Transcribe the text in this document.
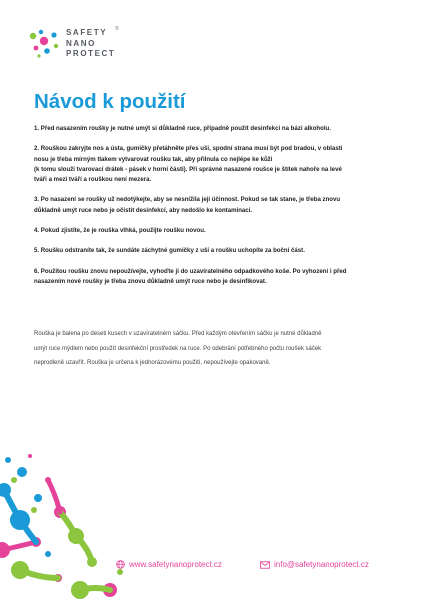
SAFETY
NANO
PROTECT
®
Návod k použití

1. Před nasazením roušky je nutné umýt si důkladně ruce, případně použít desinfekci na bázi alkoholu.

2. Rouškou zakryjte nos a ústa, gumičky přetáhněte přes uši, spodní strana musí být pod bradou, v oblasti

nosu je třeba mírným tlakem vytvarovat roušku tak, aby přilnula co nejlépe ke kůži

(k tomu slouží tvarovací drátek - pásek v horní části). Při správné nasazené roušce je štítek nahoře na levé

tváři a mezi tváří a rouškou není mezera.

3. Po nasazení se roušky už nedotýkejte, aby se nesnížila její účinnost. Pokud se tak stane, je třeba znovu

důkladně umýt ruce nebo je očistit desinfekcí, aby nedošlo ke kontaminaci.

4. Pokud zjistíte, že je rouška vlhká, použijte roušku novou.

5. Roušku odstraníte tak, že sundáte záchytné gumičky z uší a roušku uchopíte za boční část.

6. Použitou roušku znovu nepoužívejte, vyhoďte ji do uzavíratelného odpadkového koše. Po vyhození i před

nasazením nové roušky je třeba znovu důkladně umýt ruce nebo je desinfikovat.

Rouška je balena po deseti kusech v uzavíratelném sáčku. Před každým otevřením sáčku je nutné důkladně
umýt ruce mýdlem nebo použít desinfekční prostředek na ruce. Po odebrání potřebného počtu roušek sáček
neprodleně uzavřít. Rouška je určena k jednorázovému použití, nepoužívejte opakovaně.
www.safetynanoprotect.cz	info@safetynanoprotect.cz
